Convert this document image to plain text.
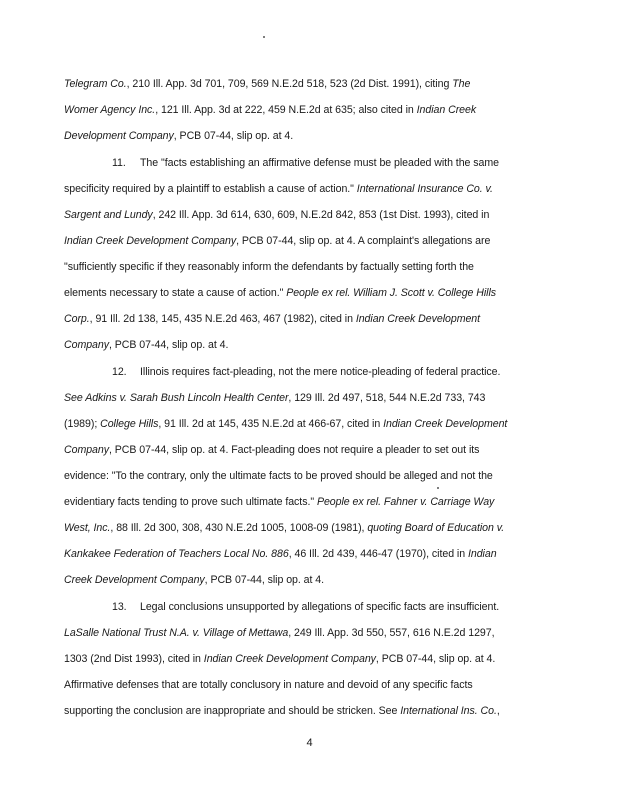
Telegram Co., 210 Ill. App. 3d 701, 709, 569 N.E.2d 518, 523 (2d Dist. 1991), citing The
Womer Agency Inc., 121 Ill. App. 3d at 222, 459 N.E.2d at 635; also cited in Indian Creek
Development Company, PCB 07-44, slip op. at 4.
11. The "facts establishing an affirmative defense must be pleaded with the same
specificity required by a plaintiff to establish a cause of action." International Insurance Co. v.
Sargent and Lundy, 242 Ill. App. 3d 614, 630, 609, N.E.2d 842, 853 (1st Dist. 1993), cited in
Indian Creek Development Company, PCB 07-44, slip op. at 4. A complaint's allegations are
"sufficiently specific if they reasonably inform the defendants by factually setting forth the
elements necessary to state a cause of action." People ex rel. William J. Scott v. College Hills
Corp., 91 Ill. 2d 138, 145, 435 N.E.2d 463, 467 (1982), cited in Indian Creek Development
Company, PCB 07-44, slip op. at 4.
12. Illinois requires fact-pleading, not the mere notice-pleading of federal practice.
See Adkins v. Sarah Bush Lincoln Health Center, 129 Ill. 2d 497, 518, 544 N.E.2d 733, 743
(1989); College Hills, 91 Ill. 2d at 145, 435 N.E.2d at 466-67, cited in Indian Creek Development
Company, PCB 07-44, slip op. at 4. Fact-pleading does not require a pleader to set out its
evidence: "To the contrary, only the ultimate facts to be proved should be alleged and not the
evidentiary facts tending to prove such ultimate facts." People ex rel. Fahner v. Carriage Way
West, Inc., 88 Ill. 2d 300, 308, 430 N.E.2d 1005, 1008-09 (1981), quoting Board of Education v.
Kankakee Federation of Teachers Local No. 886, 46 Ill. 2d 439, 446-47 (1970), cited in Indian
Creek Development Company, PCB 07-44, slip op. at 4.
13. Legal conclusions unsupported by allegations of specific facts are insufficient.
LaSalle National Trust N.A. v. Village of Mettawa, 249 Ill. App. 3d 550, 557, 616 N.E.2d 1297,
1303 (2nd Dist 1993), cited in Indian Creek Development Company, PCB 07-44, slip op. at 4.
Affirmative defenses that are totally conclusory in nature and devoid of any specific facts
supporting the conclusion are inappropriate and should be stricken. See International Ins. Co.,
4
